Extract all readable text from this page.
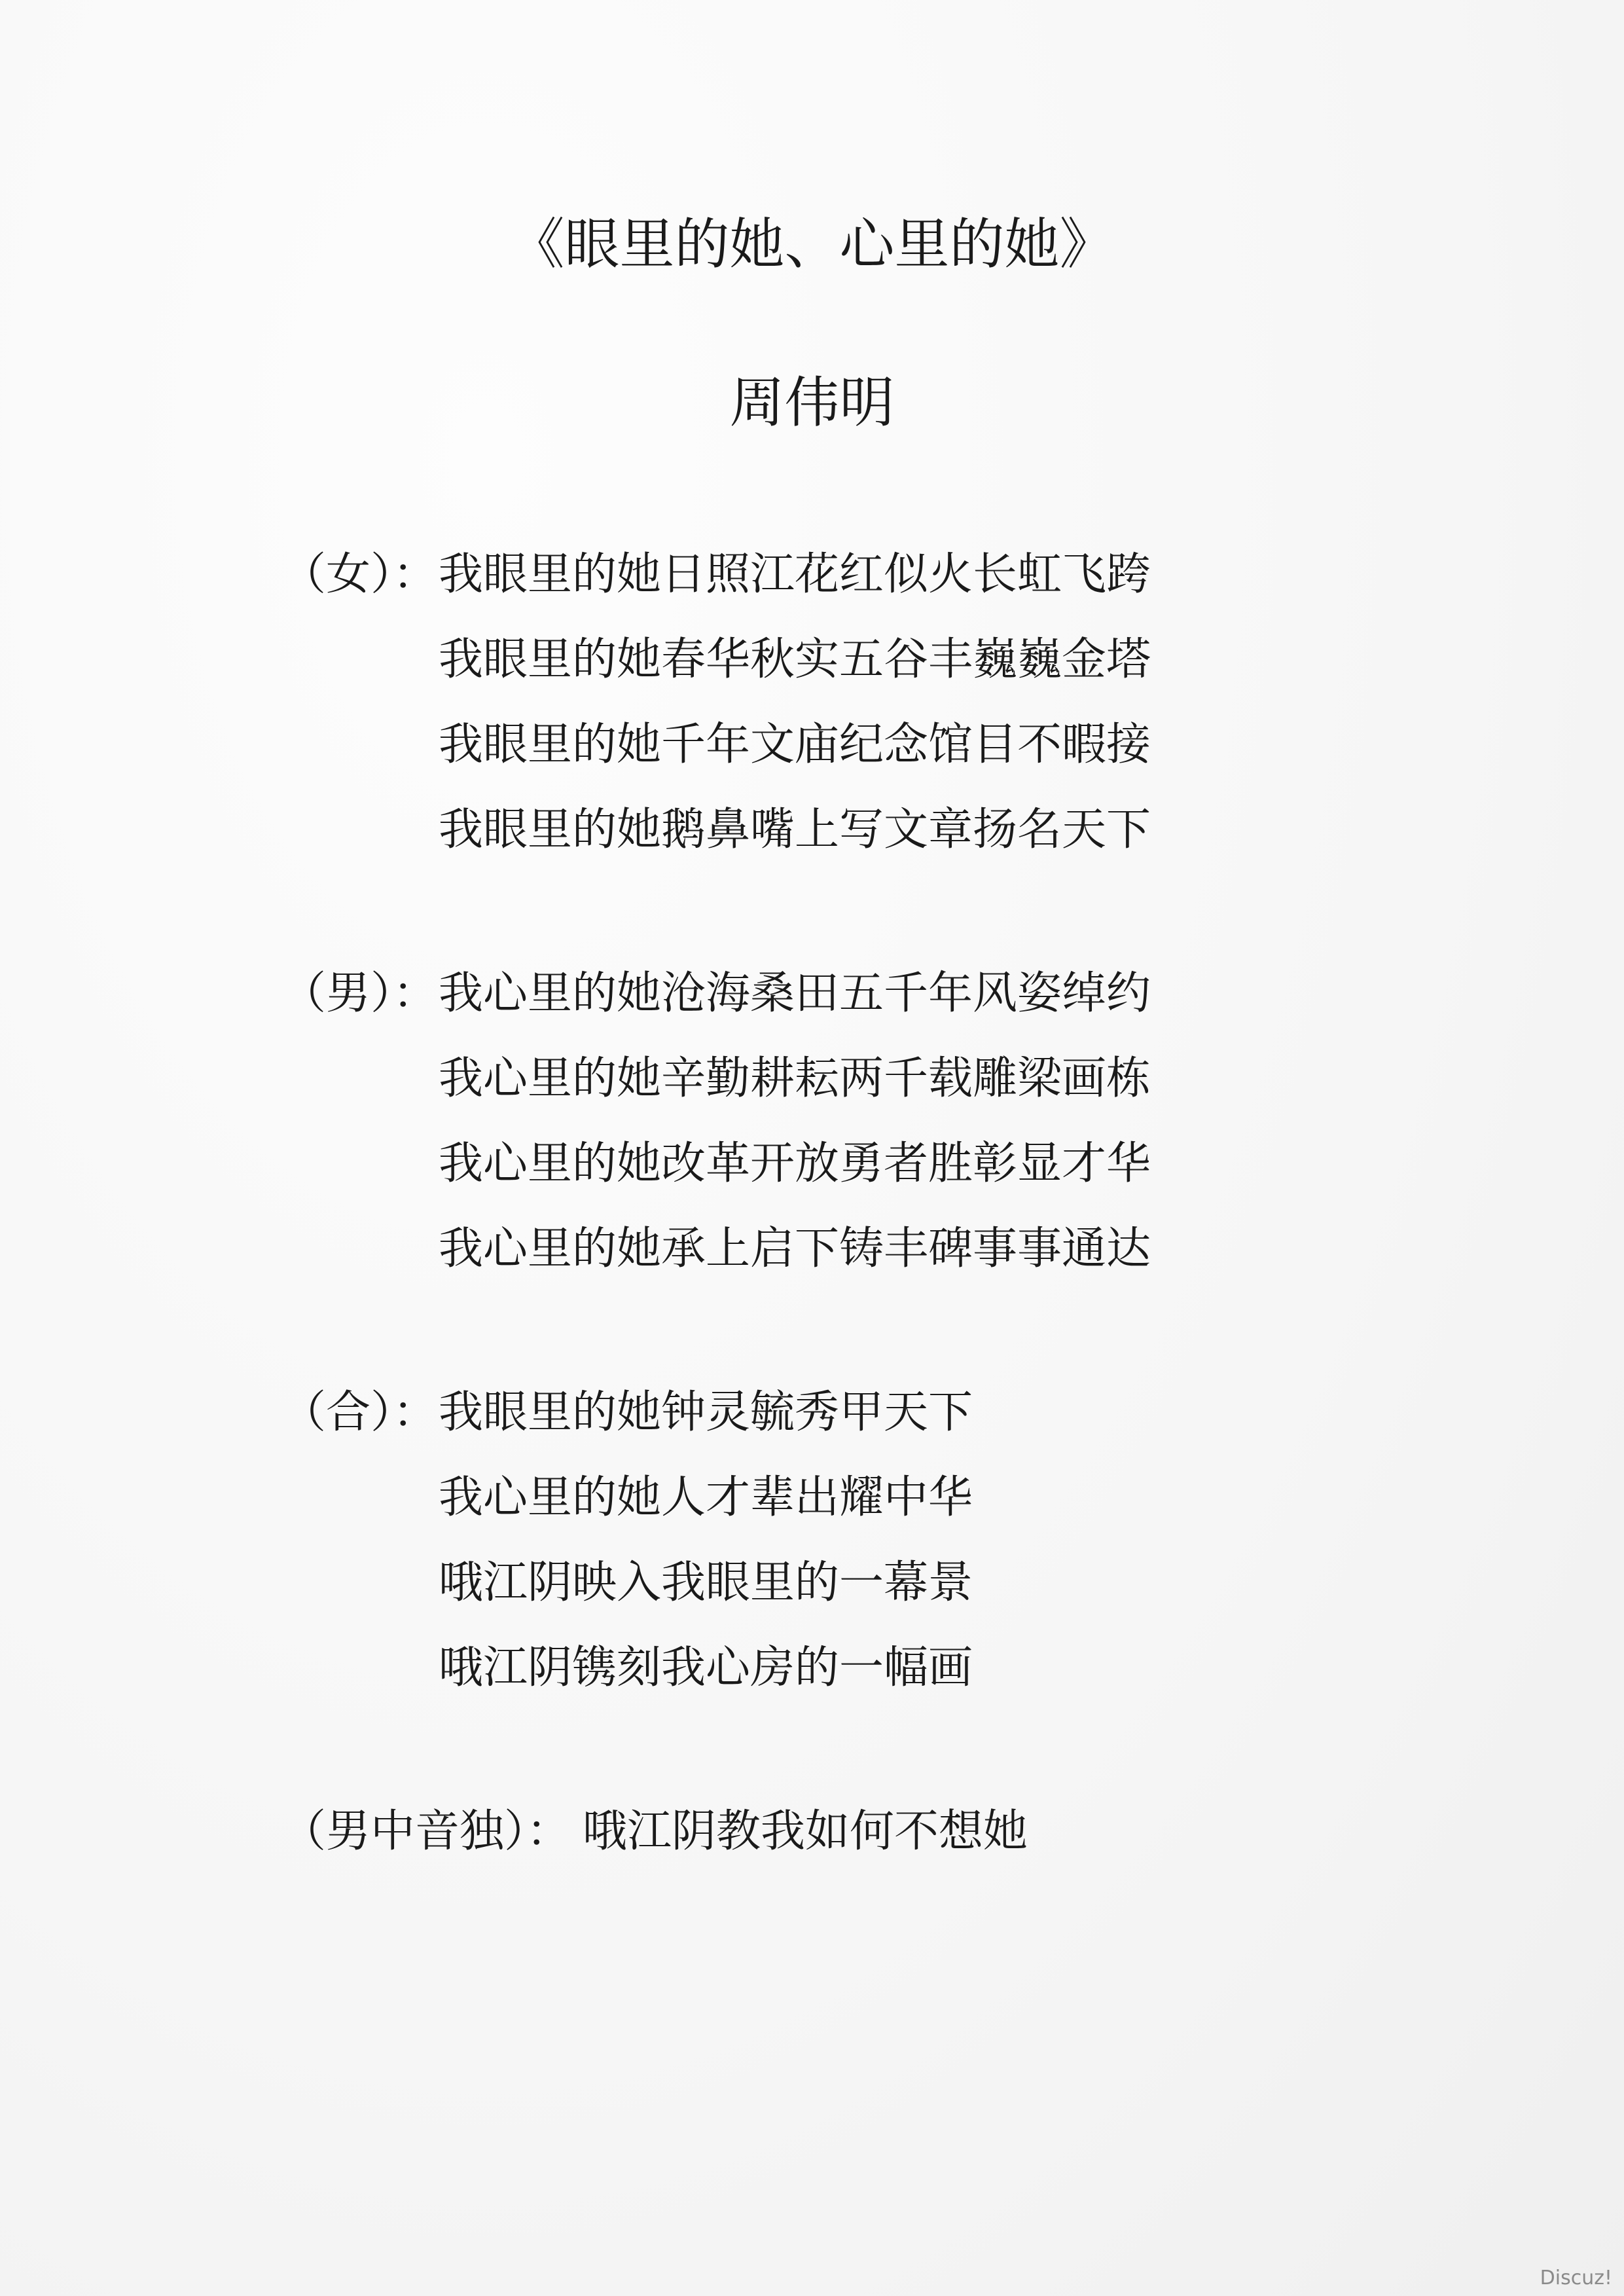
《眼里的她、心里的她》
周伟明
（女）： 我眼里的她日照江花红似火长虹飞跨
我眼里的她春华秋实五谷丰巍巍金塔
我眼里的她千年文庙纪念馆目不暇接
我眼里的她鹅鼻嘴上写文章扬名天下
（男）： 我心里的她沧海桑田五千年风姿绰约
我心里的她辛勤耕耘两千载雕梁画栋
我心里的她改革开放勇者胜彰显才华
我心里的她承上启下铸丰碑事事通达
（合）： 我眼里的她钟灵毓秀甲天下
我心里的她人才辈出耀中华
哦江阴映入我眼里的一幕景
哦江阴镌刻我心房的一幅画
（男中音独）： 哦江阴教我如何不想她
Discuz!
